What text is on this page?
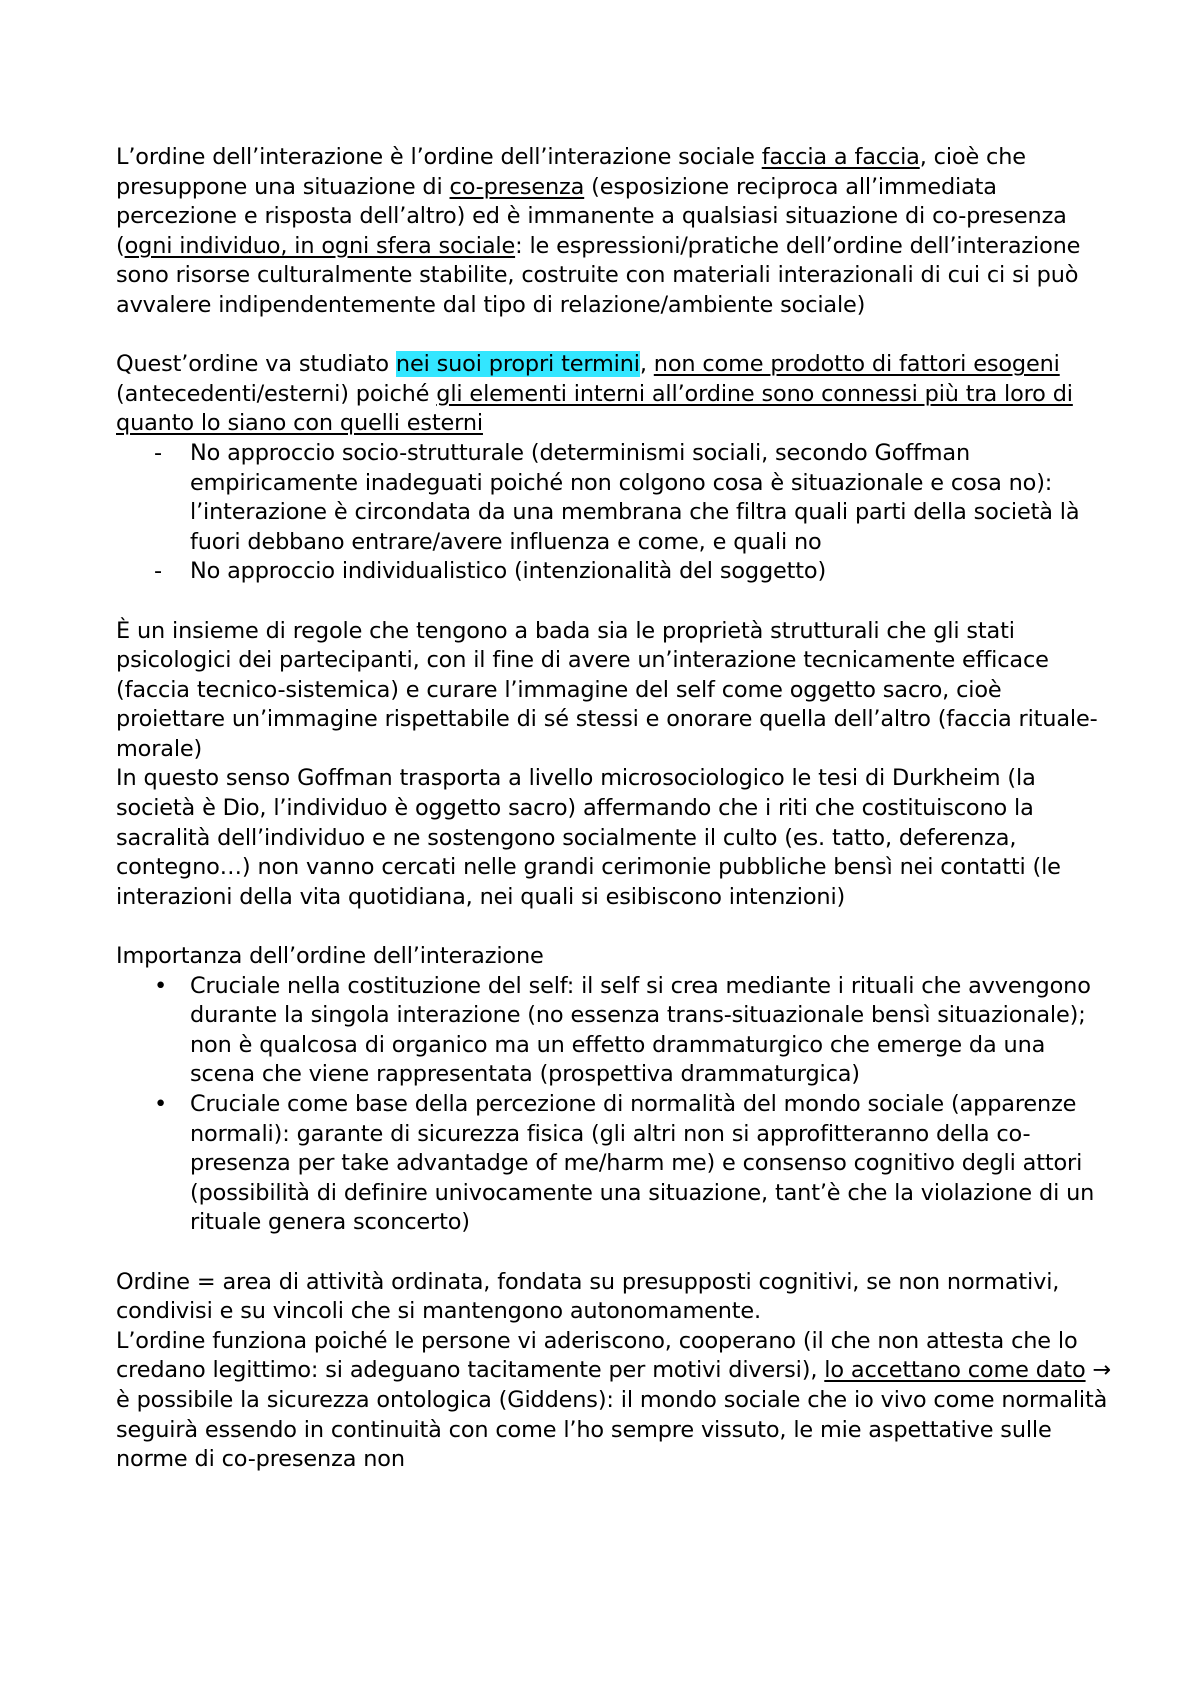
L’ordine dell’interazione è l’ordine dell’interazione sociale faccia a faccia, cioè che presuppone una situazione di co-presenza (esposizione reciproca all’immediata percezione e risposta dell’altro) ed è immanente a qualsiasi situazione di co-presenza (ogni individuo, in ogni sfera sociale: le espressioni/pratiche dell’ordine dell’interazione sono risorse culturalmente stabilite, costruite con materiali interazionali di cui ci si può avvalere indipendentemente dal tipo di relazione/ambiente sociale)

Quest’ordine va studiato nei suoi propri termini, non come prodotto di fattori esogeni (antecedenti/esterni) poiché gli elementi interni all’ordine sono connessi più tra loro di quanto lo siano con quelli esterni

- No approccio socio-strutturale (determinismi sociali, secondo Goffman empiricamente inadeguati poiché non colgono cosa è situazionale e cosa no): l’interazione è circondata da una membrana che filtra quali parti della società là fuori debbano entrare/avere influenza e come, e quali no
- No approccio individualistico (intenzionalità del soggetto)

È un insieme di regole che tengono a bada sia le proprietà strutturali che gli stati psicologici dei partecipanti, con il fine di avere un’interazione tecnicamente efficace (faccia tecnico-sistemica) e curare l’immagine del self come oggetto sacro, cioè proiettare un’immagine rispettabile di sé stessi e onorare quella dell’altro (faccia rituale-morale)

In questo senso Goffman trasporta a livello microsociologico le tesi di Durkheim (la società è Dio, l’individuo è oggetto sacro) affermando che i riti che costituiscono la sacralità dell’individuo e ne sostengono socialmente il culto (es. tatto, deferenza, contegno…) non vanno cercati nelle grandi cerimonie pubbliche bensì nei contatti (le interazioni della vita quotidiana, nei quali si esibiscono intenzioni)

Importanza dell’ordine dell’interazione

• Cruciale nella costituzione del self: il self si crea mediante i rituali che avvengono durante la singola interazione (no essenza trans-situazionale bensì situazionale); non è qualcosa di organico ma un effetto drammaturgico che emerge da una scena che viene rappresentata (prospettiva drammaturgica)
• Cruciale come base della percezione di normalità del mondo sociale (apparenze normali): garante di sicurezza fisica (gli altri non si approfitteranno della co-presenza per take advantadge of me/harm me) e consenso cognitivo degli attori (possibilità di definire univocamente una situazione, tant’è che la violazione di un rituale genera sconcerto)

Ordine = area di attività ordinata, fondata su presupposti cognitivi, se non normativi, condivisi e su vincoli che si mantengono autonomamente.

L’ordine funziona poiché le persone vi aderiscono, cooperano (il che non attesta che lo credano legittimo: si adeguano tacitamente per motivi diversi), lo accettano come dato → è possibile la sicurezza ontologica (Giddens): il mondo sociale che io vivo come normalità seguirà essendo in continuità con come l’ho sempre vissuto, le mie aspettative sulle norme di co-presenza non
